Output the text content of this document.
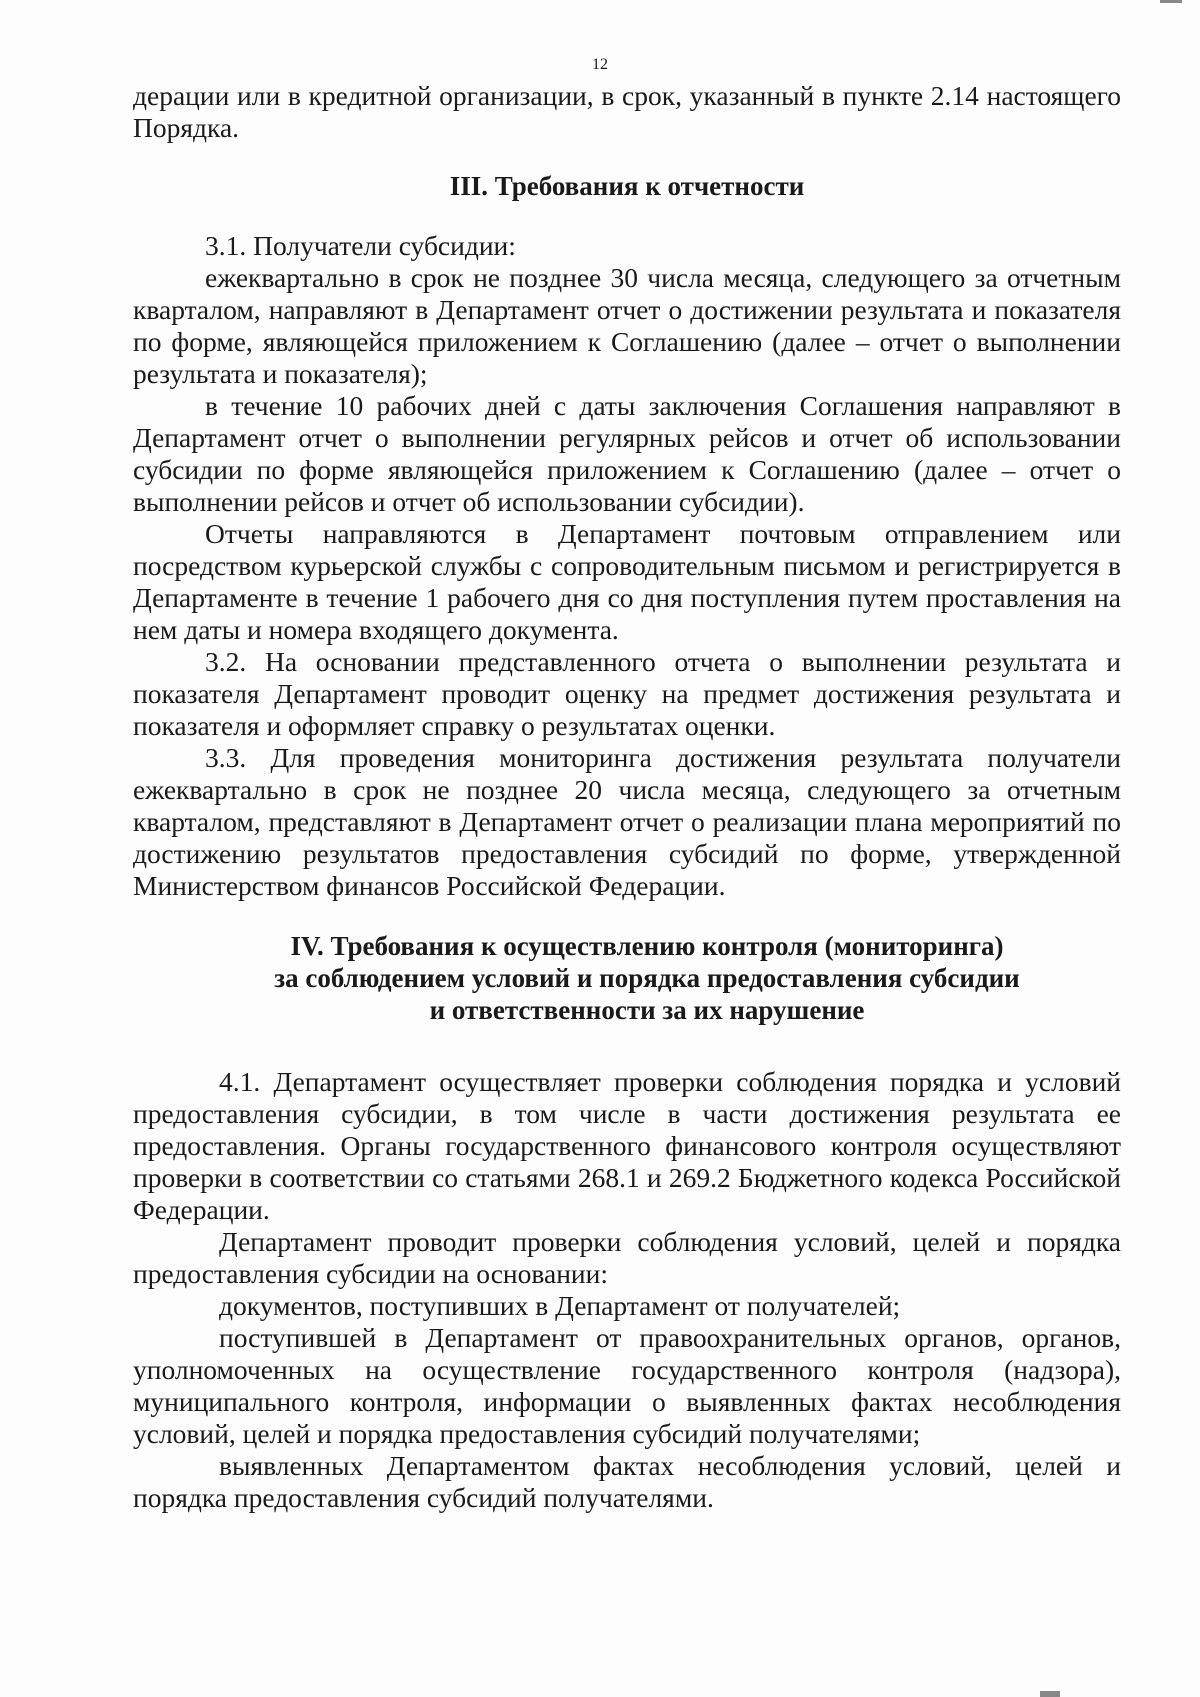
12

дерации или в кредитной организации, в срок, указанный в пункте 2.14 настоящего Порядка.

III. Требования к отчетности

3.1. Получатели субсидии:

ежеквартально в срок не позднее 30 числа месяца, следующего за отчетным кварталом, направляют в Департамент отчет о достижении результата и показателя по форме, являющейся приложением к Соглашению (далее – отчет о выполнении результата и показателя);

в течение 10 рабочих дней с даты заключения Соглашения направляют в Департамент отчет о выполнении регулярных рейсов и отчет об использовании субсидии по форме являющейся приложением к Соглашению (далее – отчет о выполнении рейсов и отчет об использовании субсидии).

Отчеты направляются в Департамент почтовым отправлением или посредством курьерской службы с сопроводительным письмом и регистрируется в Департаменте в течение 1 рабочего дня со дня поступления путем проставления на нем даты и номера входящего документа.

3.2. На основании представленного отчета о выполнении результата и показателя Департамент проводит оценку на предмет достижения результата и показателя и оформляет справку о результатах оценки.

3.3. Для проведения мониторинга достижения результата получатели ежеквартально в срок не позднее 20 числа месяца, следующего за отчетным кварталом, представляют в Департамент отчет о реализации плана мероприятий по достижению результатов предоставления субсидий по форме, утвержденной Министерством финансов Российской Федерации.

IV. Требования к осуществлению контроля (мониторинга)
за соблюдением условий и порядка предоставления субсидии
и ответственности за их нарушение

4.1. Департамент осуществляет проверки соблюдения порядка и условий предоставления субсидии, в том числе в части достижения результата ее предоставления. Органы государственного финансового контроля осуществляют проверки в соответствии со статьями 268.1 и 269.2 Бюджетного кодекса Российской Федерации.

Департамент проводит проверки соблюдения условий, целей и порядка предоставления субсидии на основании:

документов, поступивших в Департамент от получателей;

поступившей в Департамент от правоохранительных органов, органов, уполномоченных на осуществление государственного контроля (надзора), муниципального контроля, информации о выявленных фактах несоблюдения условий, целей и порядка предоставления субсидий получателями;

выявленных Департаментом фактах несоблюдения условий, целей и порядка предоставления субсидий получателями.
